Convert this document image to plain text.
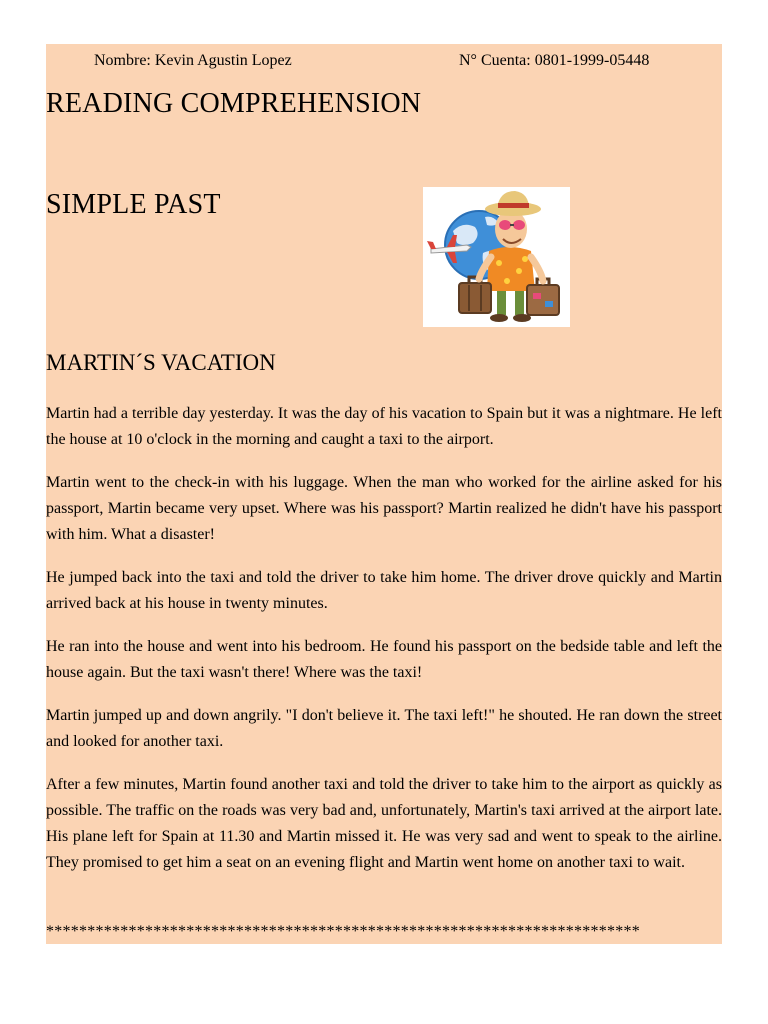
Nombre: Kevin Agustin Lopez	N° Cuenta: 0801-1999-05448
READING COMPREHENSION
SIMPLE PAST
MARTIN´S VACATION

Martin had a terrible day yesterday. It was the day of his vacation to Spain but it was a nightmare. He left the house at 10 o'clock in the morning and caught a taxi to the airport.

Martin went to the check-in with his luggage. When the man who worked for the airline asked for his passport, Martin became very upset. Where was his passport? Martin realized he didn't have his passport with him. What a disaster!

He jumped back into the taxi and told the driver to take him home. The driver drove quickly and Martin arrived back at his house in twenty minutes.

He ran into the house and went into his bedroom. He found his passport on the bedside table and left the house again. But the taxi wasn't there! Where was the taxi!

Martin jumped up and down angrily. "I don't believe it. The taxi left!" he shouted. He ran down the street and looked for another taxi.

After a few minutes, Martin found another taxi and told the driver to take him to the airport as quickly as possible. The traffic on the roads was very bad and, unfortunately, Martin's taxi arrived at the airport late. His plane left for Spain at 11.30 and Martin missed it. He was very sad and went to speak to the airline. They promised to get him a seat on an evening flight and Martin went home on another taxi to wait.

************************************************************************
